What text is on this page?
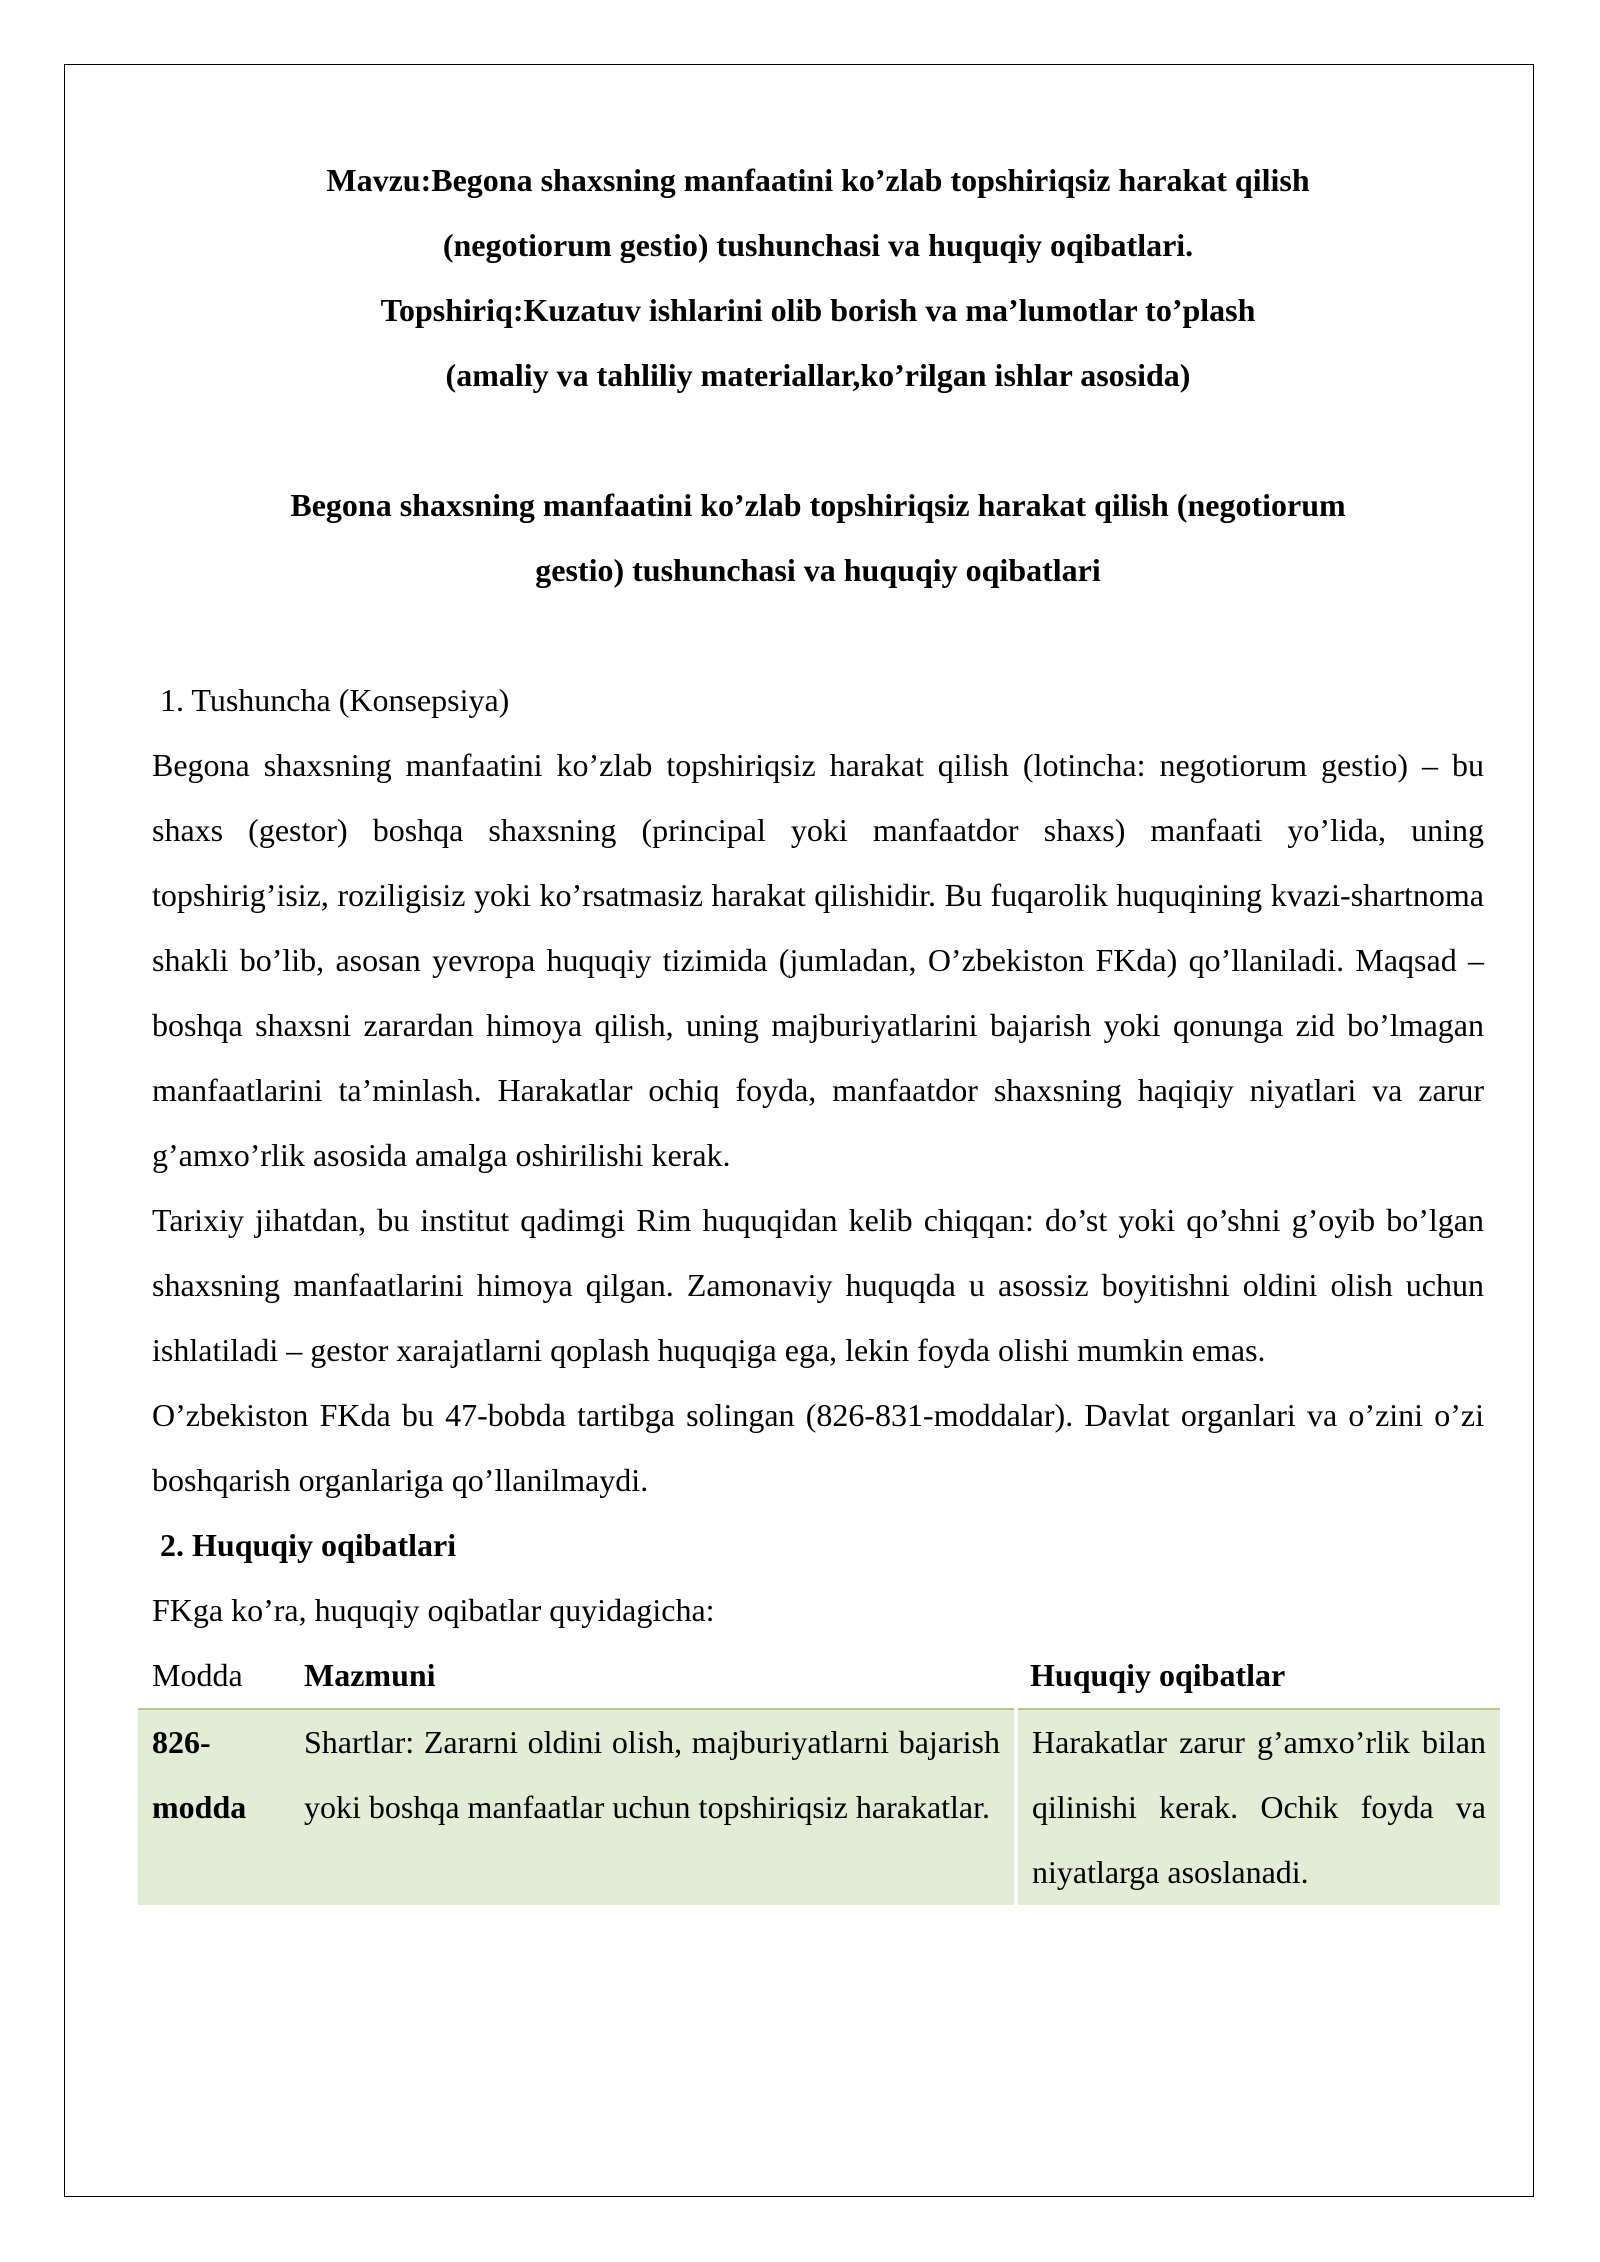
Mavzu:Begona shaxsning manfaatini ko’zlab topshiriqsiz harakat qilish

(negotiorum gestio) tushunchasi va huquqiy oqibatlari.

Topshiriq:Kuzatuv ishlarini olib borish va ma’lumotlar to’plash

(amaliy va tahliliy materiallar,ko’rilgan ishlar asosida)

Begona shaxsning manfaatini ko’zlab topshiriqsiz harakat qilish (negotiorum

gestio) tushunchasi va huquqiy oqibatlari

1. Tushuncha (Konsepsiya)

Begona shaxsning manfaatini ko’zlab topshiriqsiz harakat qilish (lotincha: negotiorum gestio) – bu shaxs (gestor) boshqa shaxsning (principal yoki manfaatdor shaxs) manfaati yo’lida, uning topshirig’isiz, roziligisiz yoki ko’rsatmasiz harakat qilishidir. Bu fuqarolik huquqining kvazi-shartnoma shakli bo’lib, asosan yevropa huquqiy tizimida (jumladan, O’zbekiston FKda) qo’llaniladi. Maqsad – boshqa shaxsni zarardan himoya qilish, uning majburiyatlarini bajarish yoki qonunga zid bo’lmagan manfaatlarini ta’minlash. Harakatlar ochiq foyda, manfaatdor shaxsning haqiqiy niyatlari va zarur g’amxo’rlik asosida amalga oshirilishi kerak.

Tarixiy jihatdan, bu institut qadimgi Rim huquqidan kelib chiqqan: do’st yoki qo’shni g’oyib bo’lgan shaxsning manfaatlarini himoya qilgan. Zamonaviy huquqda u asossiz boyitishni oldini olish uchun ishlatiladi – gestor xarajatlarni qoplash huquqiga ega, lekin foyda olishi mumkin emas.

O’zbekiston FKda bu 47-bobda tartibga solingan (826-831-moddalar). Davlat organlari va o’zini o’zi boshqarish organlariga qo’llanilmaydi.

2. Huquqiy oqibatlari

FKga ko’ra, huquqiy oqibatlar quyidagicha:

Modda	Mazmuni	Huquqiy oqibatlar
826-modda	Shartlar: Zararni oldini olish, majburiyatlarni bajarish yoki boshqa manfaatlar uchun topshiriqsiz harakatlar.	Harakatlar zarur g’amxo’rlik bilan qilinishi kerak. Ochik foyda va niyatlarga asoslanadi.
